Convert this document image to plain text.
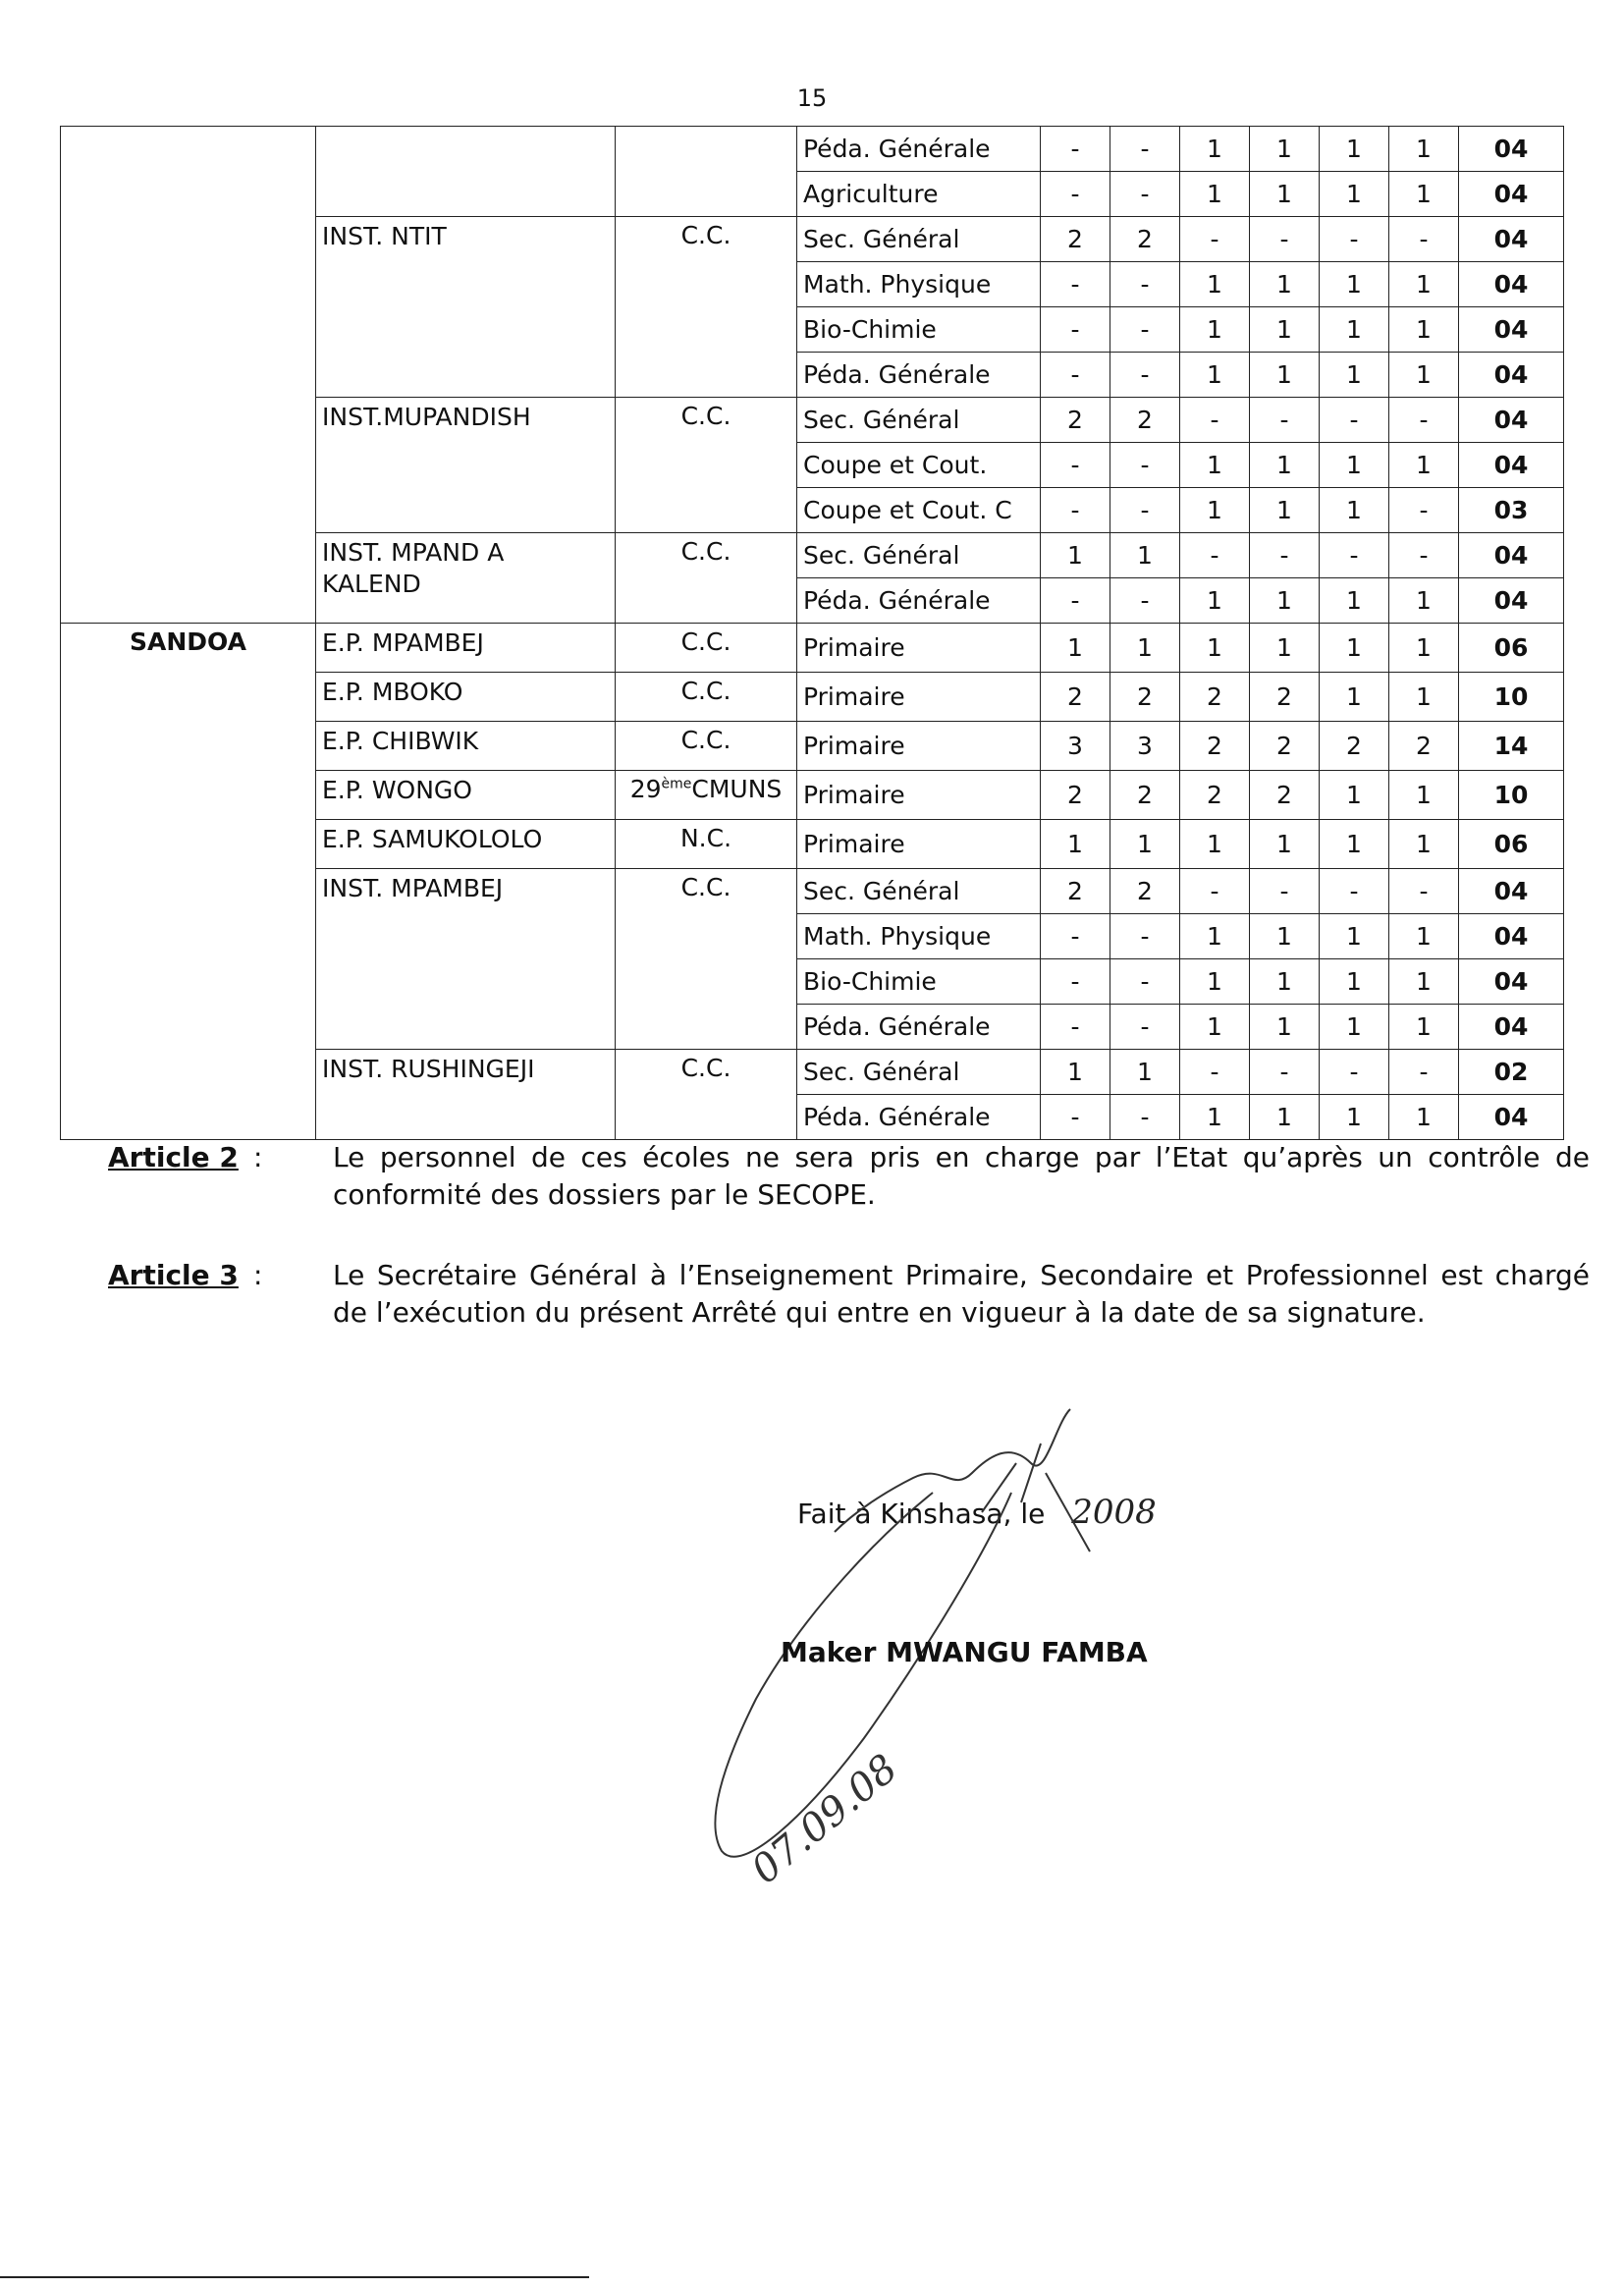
15
			Péda. Générale	-	-	1	1	1	1	04
			Agriculture	-	-	1	1	1	1	04
	INST. NTIT	C.C.	Sec. Général	2	2	-	-	-	-	04
			Math. Physique	-	-	1	1	1	1	04
			Bio-Chimie	-	-	1	1	1	1	04
			Péda. Générale	-	-	1	1	1	1	04
	INST.MUPANDISH	C.C.	Sec. Général	2	2	-	-	-	-	04
			Coupe et Cout.	-	-	1	1	1	1	04
			Coupe et Cout. C	-	-	1	1	1	-	03
	INST. MPAND A KALEND	C.C.	Sec. Général	1	1	-	-	-	-	04
			Péda. Générale	-	-	1	1	1	1	04
SANDOA	E.P. MPAMBEJ	C.C.	Primaire	1	1	1	1	1	1	06
	E.P. MBOKO	C.C.	Primaire	2	2	2	2	1	1	10
	E.P. CHIBWIK	C.C.	Primaire	3	3	2	2	2	2	14
	E.P. WONGO	29èmeCMUNS	Primaire	2	2	2	2	1	1	10
	E.P. SAMUKOLOLO	N.C.	Primaire	1	1	1	1	1	1	06
	INST. MPAMBEJ	C.C.	Sec. Général	2	2	-	-	-	-	04
			Math. Physique	-	-	1	1	1	1	04
			Bio-Chimie	-	-	1	1	1	1	04
			Péda. Générale	-	-	1	1	1	1	04
	INST. RUSHINGEJI	C.C.	Sec. Général	1	1	-	-	-	-	02
			Péda. Générale	-	-	1	1	1	1	04
Article 2 :	Le personnel de ces écoles ne sera pris en charge par l’Etat qu’après un contrôle de conformité des dossiers par le SECOPE.
Article 3 :	Le Secrétaire Général à l’Enseignement Primaire, Secondaire et Professionnel est chargé de l’exécution du présent Arrêté qui entre en vigueur à la date de sa signature.
Fait à Kinshasa, le 2008
07.09.08
Maker MWANGU FAMBA
